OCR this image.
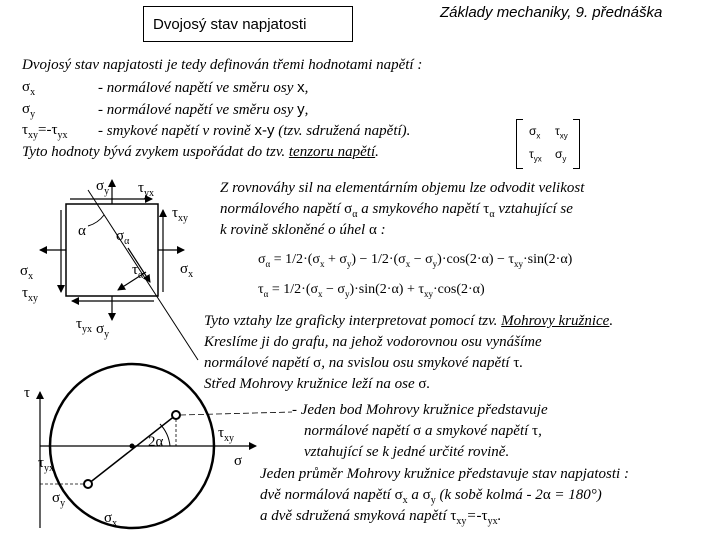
Dvojosý stav napjatosti
Základy mechaniky, 9. přednáška
Dvojosý stav napjatosti je tedy definován třemi hodnotami napětí :
$\sigma_x$	- normálové napětí ve směru osy x,
$\sigma_y$	- normálové napětí ve směru osy y,
$\tau_{xy}=-\tau_{yx}$ - smykové napětí v rovině x-y (tzv. sdružená napětí).
Tyto hodnoty bývá zvykem uspořádat do tzv. tenzoru napětí.
$\sigma_x$ $\tau_{xy}$
$\tau_{yx}$ $\sigma_y$
Z rovnováhy sil na elementárním objemu lze odvodit velikost
normálového napětí $\sigma_\alpha$ a smykového napětí $\tau_\alpha$ vztahující se
k rovině skloněné o úhel α :
$\sigma_\alpha = 1/2\cdot(\sigma_x + \sigma_y) - 1/2\cdot(\sigma_x - \sigma_y)\cdot\cos(2\cdot\alpha) - \tau_{xy}\cdot\sin(2\cdot\alpha)$
$\tau_\alpha = 1/2\cdot(\sigma_x - \sigma_y)\cdot\sin(2\cdot\alpha) + \tau_{xy}\cdot\cos(2\cdot\alpha)$
Tyto vztahy lze graficky interpretovat pomocí tzv. Mohrovy kružnice.
Kreslíme ji do grafu, na jehož vodorovnou osu vynášíme
normálové napětí σ, na svislou osu smykové napětí τ.
Střed Mohrovy kružnice leží na ose σ.
- Jeden bod Mohrovy kružnice představuje
normálové napětí σ a smykové napětí τ,
vztahující se k jedné určité rovině.
Jeden průměr Mohrovy kružnice představuje stav napjatosti :
dvě normálová napětí $\sigma_x$ a $\sigma_y$ (k sobě kolmá - 2α = 180°)
a dvě sdružená smyková napětí $\tau_{xy}=-\tau_{yx}$.
$\sigma_y$ $\tau_{yx}$
$\tau_{xy}$
α $\sigma_\alpha$
$\tau_\alpha$
$\sigma_x$	$\sigma_x$
$\tau_{xy}$
$\tau_{yx}$ $\sigma_y$
τ
$\tau_{xy}$
σ
2α
$\tau_{yx}$
$\sigma_y$
$\sigma_x$
